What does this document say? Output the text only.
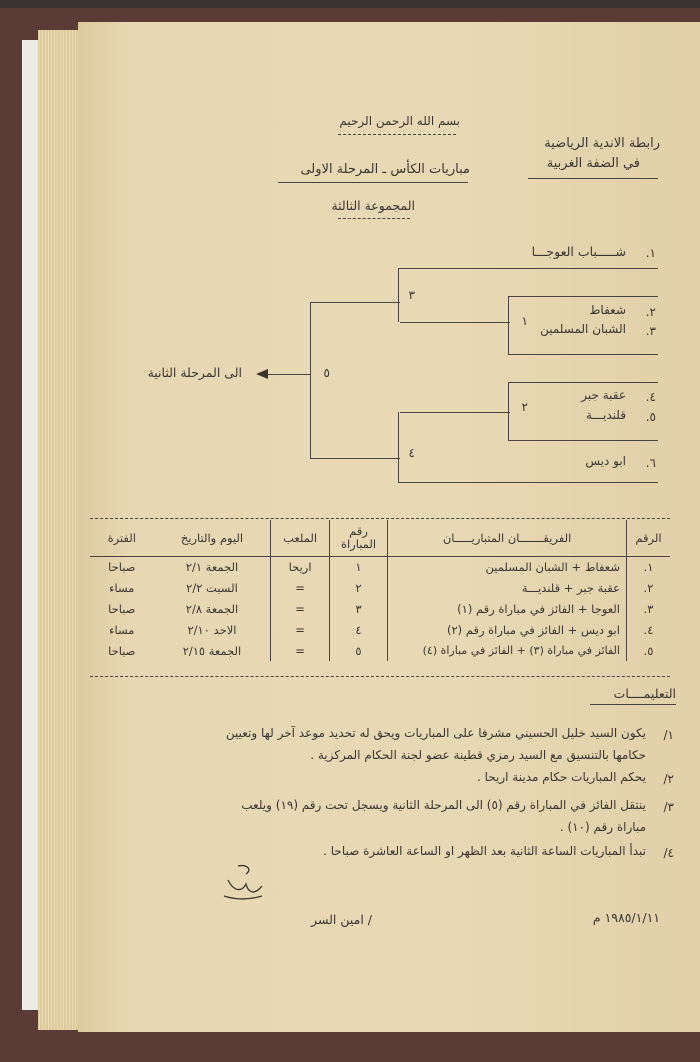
بسم الله الرحمن الرحيم
رابطة الاندية الرياضية
في الضفة الغربية
مباريات الكأس ـ المرحلة الاولى
المجموعة الثالثة
١.
شـــــباب العوجـــا
٢.
شعفاط
٣.
الشبان المسلمين
٤.
عقبة جبر
٥.
قلنديـــة
٦.
ابو ديس
١
٢
٣
٤
٥
الى المرحلة الثانية
الرقم	الفريقـــــــان المتباريـــــان	رقم المباراة	الملعب	اليوم والتاريخ	الفترة
١.	شعفاط + الشبان المسلمين	١	اريحا	الجمعة ٢/١	صباحا
٢.	عقبة جبر + قلنديـــة	٢	=	السبت ٢/٢	مساء
٣.	العوجا + الفائز في مباراة رقم (١)	٣	=	الجمعة ٢/٨	صباحا
٤.	ابو ديس + الفائز في مباراة رقم (٢)	٤	=	الاحد ٢/١٠	مساء
٥.	الفائز في مباراة (٣) + الفائز في مباراة (٤)	٥	=	الجمعة ٢/١٥	صباحا
التعليمــــات
١/
يكون السيد خليل الحسيني مشرفا على المباريات ويحق له تحديد موعد آخر لها وتعيين
حكامها بالتنسيق مع السيد رمزي قطينة عضو لجنة الحكام المركزية .
٢/
يحكم المباريات حكام مدينة اريحا .
٣/
ينتقل الفائز في المباراة رقم (٥) الى المرحلة الثانية ويسجل تحت رقم (١٩) ويلعب
مباراة رقم (١٠) .
٤/
تبدأ المباريات الساعة الثانية بعد الظهر او الساعة العاشرة صباحا .
١٩٨٥/١/١١ م
/ امين السر
